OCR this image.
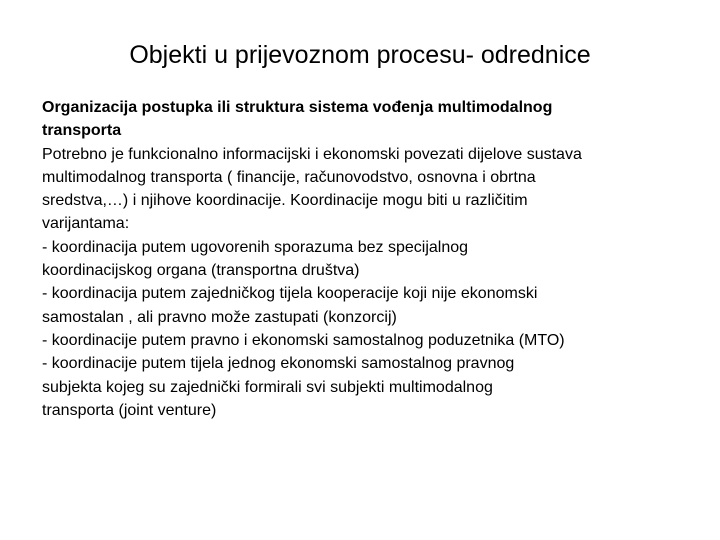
Objekti u prijevoznom procesu- odrednice

Organizacija postupka ili struktura sistema vođenja multimodalnog
transporta

Potrebno je funkcionalno informacijski i ekonomski povezati dijelove sustava
multimodalnog transporta ( financije, računovodstvo, osnovna i obrtna
sredstva,…) i njihove koordinacije. Koordinacije mogu biti u različitim
varijantama:
- koordinacija putem ugovorenih sporazuma bez specijalnog
koordinacijskog organa (transportna društva)
- koordinacija putem zajedničkog tijela kooperacije koji nije ekonomski
samostalan , ali pravno može zastupati (konzorcij)
- koordinacije putem pravno i ekonomski samostalnog poduzetnika (MTO)
- koordinacije putem tijela jednog ekonomski samostalnog pravnog
subjekta kojeg su zajednički formirali svi subjekti multimodalnog
transporta (joint venture)
